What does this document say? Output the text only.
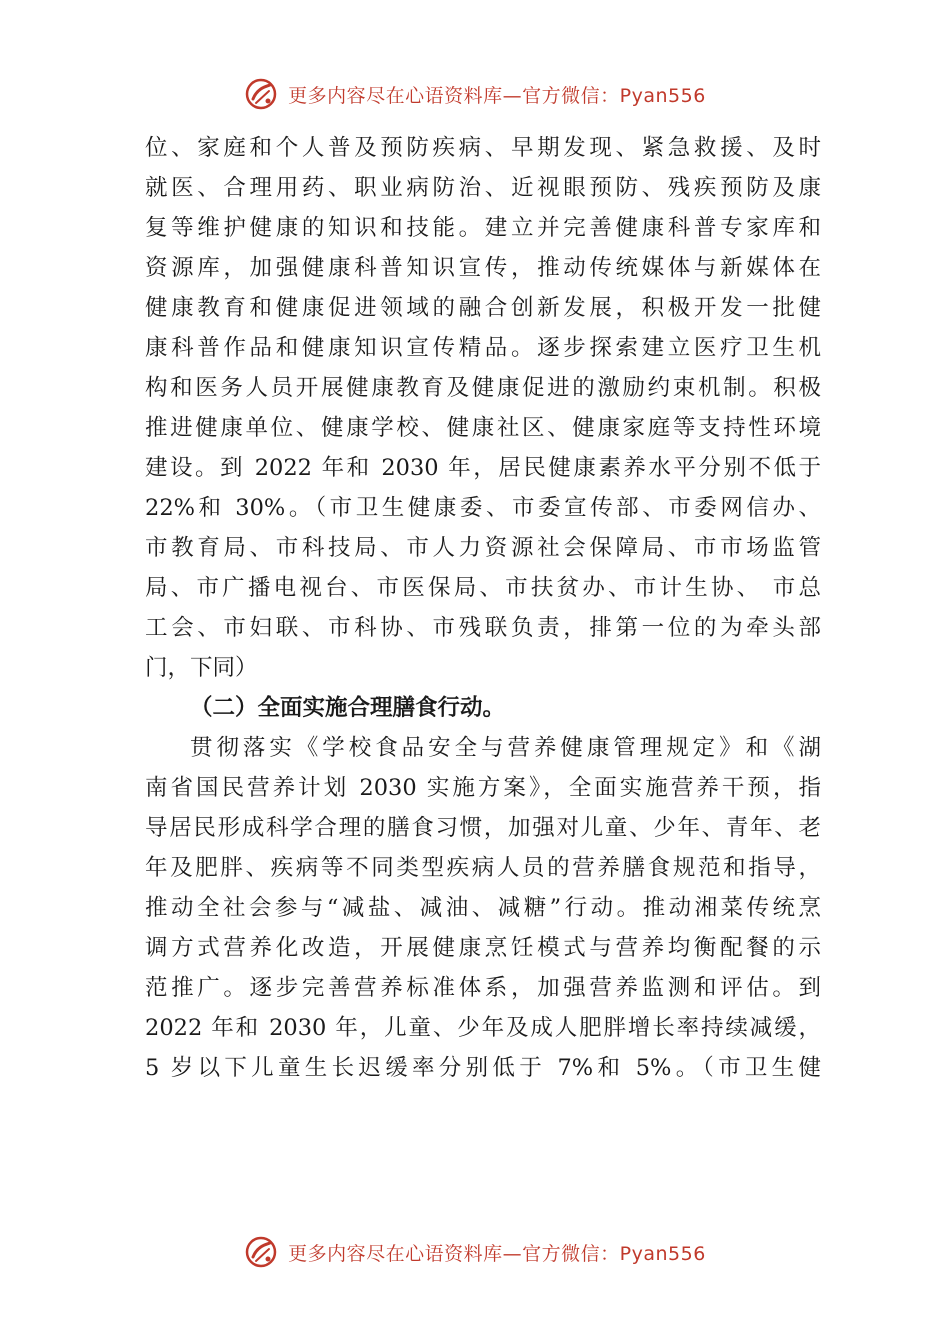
更多内容尽在心语资料库—官方微信：Pyan556
位、家庭和个人普及预防疾病、早期发现、紧急救援、及时
就医、合理用药、职业病防治、近视眼预防、残疾预防及康
复等维护健康的知识和技能。建立并完善健康科普专家库和
资源库，加强健康科普知识宣传，推动传统媒体与新媒体在
健康教育和健康促进领域的融合创新发展，积极开发一批健
康科普作品和健康知识宣传精品。逐步探索建立医疗卫生机
构和医务人员开展健康教育及健康促进的激励约束机制。积极
推进健康单位、健康学校、健康社区、健康家庭等支持性环境
建设。到 2022 年和 2030 年，居民健康素养水平分别不低于
22%和 30%。（市卫生健康委、市委宣传部、市委网信办、
市教育局、市科技局、市人力资源社会保障局、市市场监管
局、市广播电视台、市医保局、市扶贫办、市计生协、 市总
工会、市妇联、市科协、市残联负责，排第一位的为牵头部
门，下同）
（二）全面实施合理膳食行动。
贯彻落实《学校食品安全与营养健康管理规定》和《湖
南省国民营养计划 2030 实施方案》，全面实施营养干预，指
导居民形成科学合理的膳食习惯，加强对儿童、少年、青年、老
年及肥胖、疾病等不同类型疾病人员的营养膳食规范和指导，
推动全社会参与“减盐、减油、减糖”行动。推动湘菜传统烹
调方式营养化改造，开展健康烹饪模式与营养均衡配餐的示
范推广。逐步完善营养标准体系，加强营养监测和评估。到
2022 年和 2030 年，儿童、少年及成人肥胖增长率持续减缓，
5 岁以下儿童生长迟缓率分别低于 7%和 5%。（市卫生健
更多内容尽在心语资料库—官方微信：Pyan556
